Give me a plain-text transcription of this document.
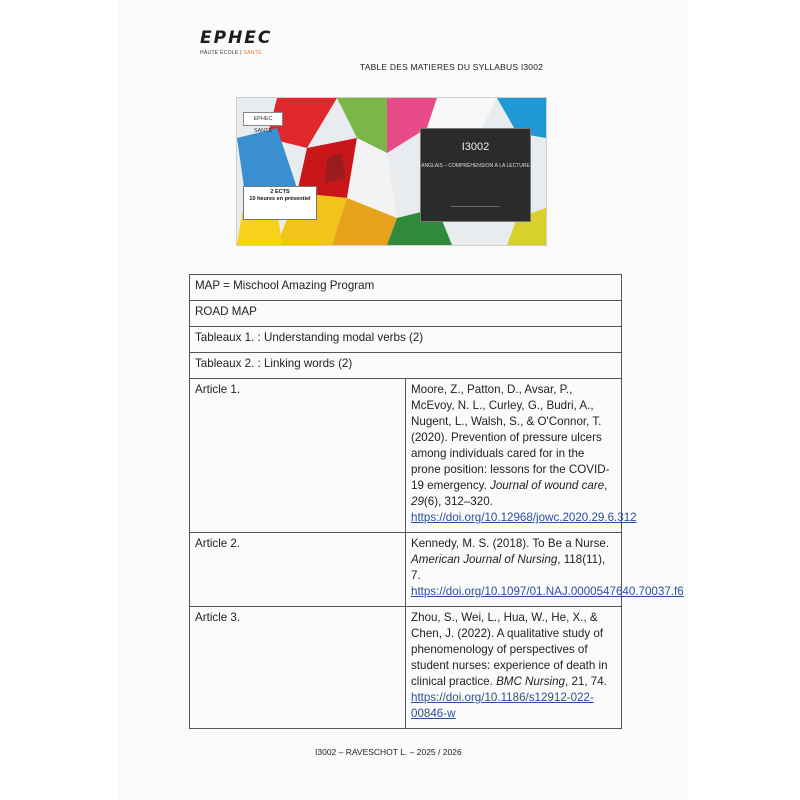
EPHEC
HAUTE ÉCOLE | SANTÉ
TABLE DES MATIERES DU SYLLABUS I3002
EPHEC SANTE
2 ECTS
10 heures en présentiel
I3002
ANGLAIS – COMPRÉHENSION À LA LECTURE
MAP = Mischool Amazing Program	
ROAD MAP	
Tableaux 1. : Understanding modal verbs (2)	
Tableaux 2. : Linking words (2)	
Article 1.	Moore, Z., Patton, D., Avsar, P., McEvoy, N. L., Curley, G., Budri, A., Nugent, L., Walsh, S., & O'Connor, T. (2020). Prevention of pressure ulcers among individuals cared for in the prone position: lessons for the COVID-19 emergency. Journal of wound care, 29(6), 312–320.
https://doi.org/10.12968/jowc.2020.29.6.312
Article 2.	Kennedy, M. S. (2018). To Be a Nurse. American Journal of Nursing, 118(11), 7.
https://doi.org/10.1097/01.NAJ.0000547640.70037.f6
Article 3.	Zhou, S., Wei, L., Hua, W., He, X., & Chen, J. (2022). A qualitative study of phenomenology of perspectives of student nurses: experience of death in clinical practice. BMC Nursing, 21, 74.
https://doi.org/10.1186/s12912-022-00846-w
I3002 – RAVESCHOT L. – 2025 / 2026
